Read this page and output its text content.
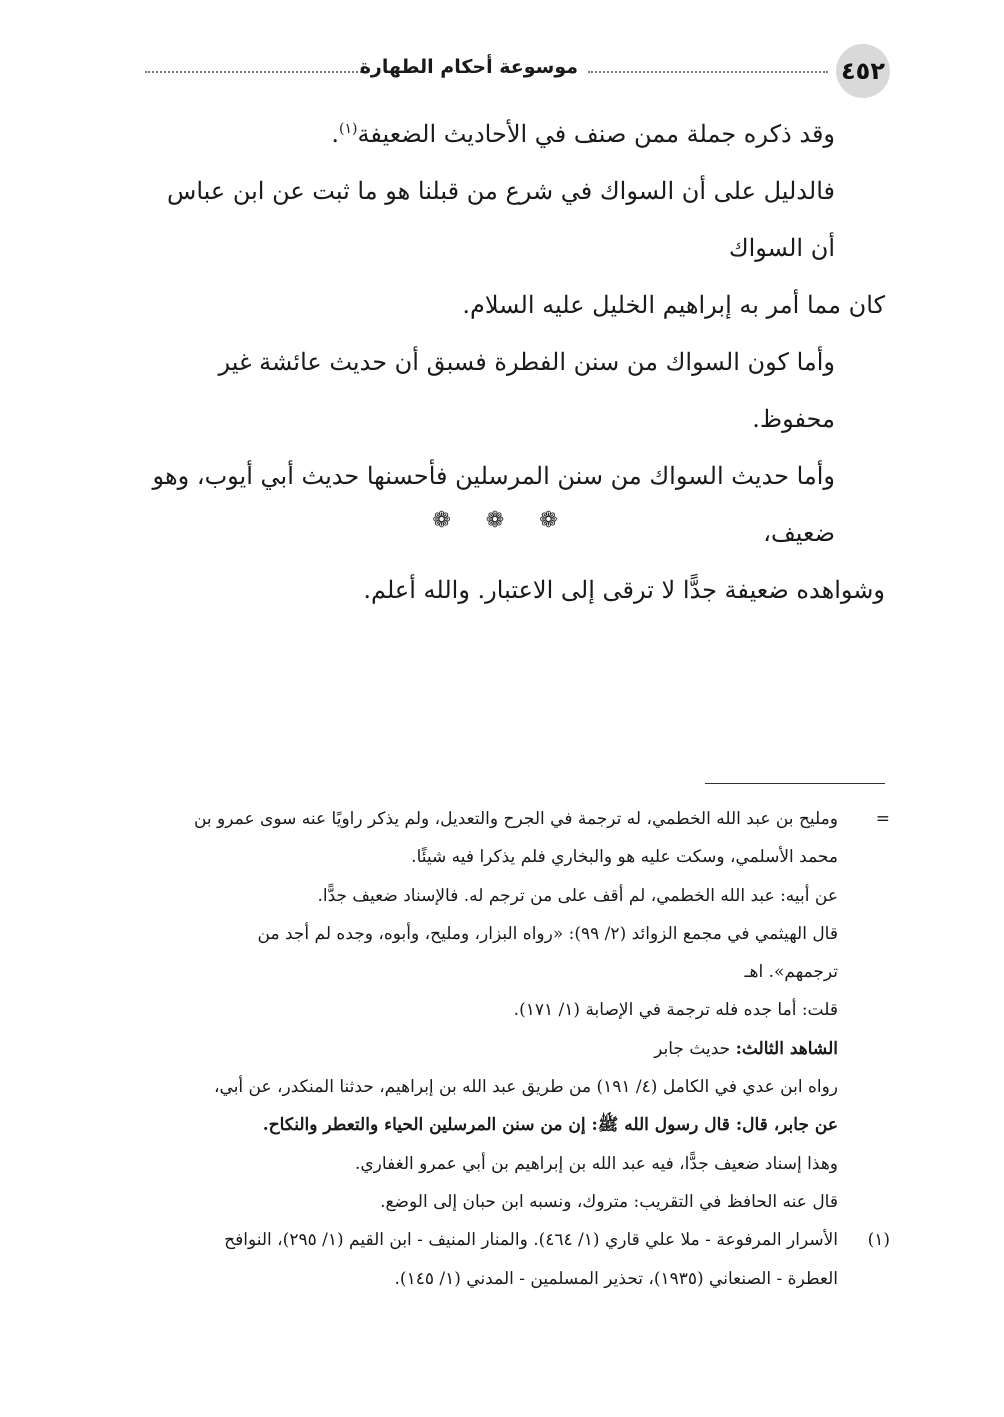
موسوعة أحكام الطهارة	٤٥٢

وقد ذكره جملة ممن صنف في الأحاديث الضعيفة$^{(١)}$.

فالدليل على أن السواك في شرع من قبلنا هو ما ثبت عن ابن عباس أن السواك

كان مما أمر به إبراهيم الخليل عليه السلام.

وأما كون السواك من سنن الفطرة فسبق أن حديث عائشة غير محفوظ.

وأما حديث السواك من سنن المرسلين فأحسنها حديث أبي أيوب، وهو ضعيف،

وشواهده ضعيفة جدًّا لا ترقى إلى الاعتبار. والله أعلم.

❁ ❁ ❁
=
ومليح بن عبد الله الخطمي، له ترجمة في الجرح والتعديل، ولم يذكر راويًا عنه سوى عمرو بن
محمد الأسلمي، وسكت عليه هو والبخاري فلم يذكرا فيه شيئًا.
عن أبيه: عبد الله الخطمي، لم أقف على من ترجم له. فالإسناد ضعيف جدًّا.
قال الهيثمي في مجمع الزوائد (٢/ ٩٩): «رواه البزار، ومليح، وأبوه، وجده لم أجد من
ترجمهم». اهـ
قلت: أما جده فله ترجمة في الإصابة (١/ ١٧١).
الشاهد الثالث: حديث جابر
رواه ابن عدي في الكامل (٤/ ١٩١) من طريق عبد الله بن إبراهيم، حدثنا المنكدر، عن أبي،
عن جابر، قال: قال رسول الله ﷺ: إن من سنن المرسلين الحياء والتعطر والنكاح.
وهذا إسناد ضعيف جدًّا، فيه عبد الله بن إبراهيم بن أبي عمرو الغفاري.
قال عنه الحافظ في التقريب: متروك، ونسبه ابن حبان إلى الوضع.
(١)
الأسرار المرفوعة - ملا علي قاري (١/ ٤٦٤). والمنار المنيف - ابن القيم (١/ ٢٩٥)، النوافح
العطرة - الصنعاني (١٩٣٥)، تحذير المسلمين - المدني (١/ ١٤٥).
